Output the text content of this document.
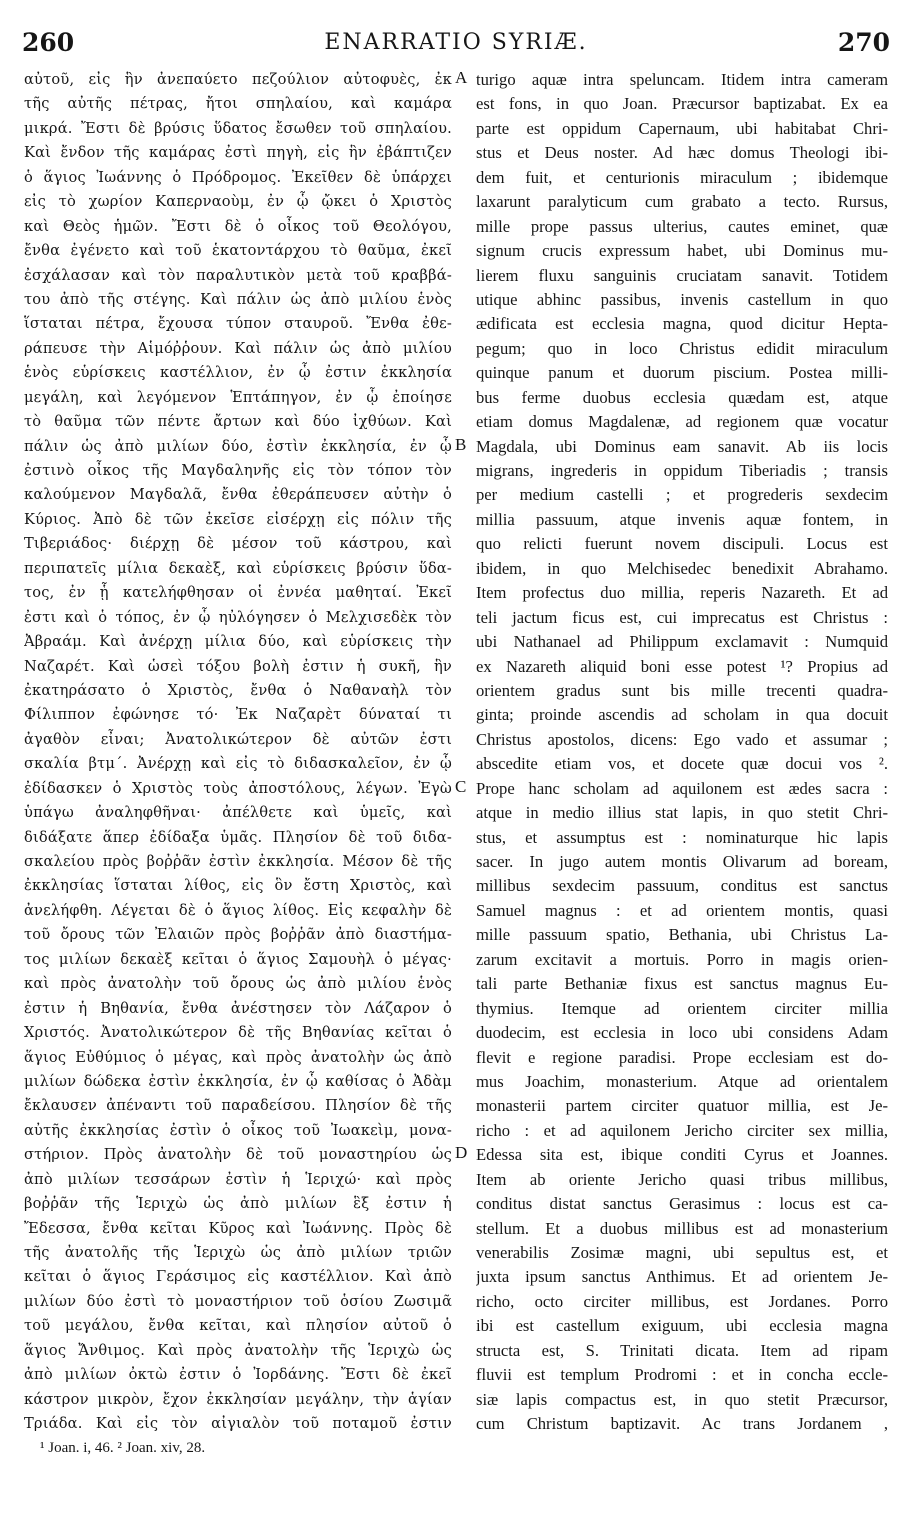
260	ENARRATIO SYRIÆ.	270

αὐτοῦ, εἰς ἣν ἀνεπαύετο πεζούλιον αὐτοφυὲς, ἐκ

τῆς αὐτῆς πέτρας, ἤτοι σπηλαίου, καὶ καμάρα

μικρά. Ἔστι δὲ βρύσις ὕδατος ἔσωθεν τοῦ σπηλαίου.

Καὶ ἔνδον τῆς καμάρας ἐστὶ πηγὴ, εἰς ἣν ἐβάπτιζεν

ὁ ἅγιος Ἰωάννης ὁ Πρόδρομος. Ἐκεῖθεν δὲ ὑπάρχει

εἰς τὸ χωρίον Καπερναοὺμ, ἐν ᾧ ᾤκει ὁ Χριστὸς

καὶ Θεὸς ἡμῶν. Ἔστι δὲ ὁ οἶκος τοῦ Θεολόγου,

ἔνθα ἐγένετο καὶ τοῦ ἑκατοντάρχου τὸ θαῦμα, ἐκεῖ

ἐσχάλασαν καὶ τὸν παραλυτικὸν μετὰ τοῦ κραββά-

του ἀπὸ τῆς στέγης. Καὶ πάλιν ὡς ἀπὸ μιλίου ἑνὸς

ἵσταται πέτρα, ἔχουσα τύπον σταυροῦ. Ἔνθα ἐθε-

ράπευσε τὴν Αἱμόῤῥουν. Καὶ πάλιν ὡς ἀπὸ μιλίου

ἑνὸς εὑρίσκεις καστέλλιον, ἐν ᾧ ἐστιν ἐκκλησία

μεγάλη, καὶ λεγόμενον Ἑπτάπηγον, ἐν ᾧ ἐποίησε

τὸ θαῦμα τῶν πέντε ἄρτων καὶ δύο ἰχθύων. Καὶ

πάλιν ὡς ἀπὸ μιλίων δύο, ἐστὶν ἐκκλησία, ἐν ᾧ

ἐστινὸ οἶκος τῆς Μαγδαληνῆς εἰς τὸν τόπον τὸν

καλούμενον Μαγδαλᾶ, ἔνθα ἐθεράπευσεν αὐτὴν ὁ

Κύριος. Ἀπὸ δὲ τῶν ἐκεῖσε εἰσέρχῃ εἰς πόλιν τῆς

Τιβεριάδος· διέρχῃ δὲ μέσον τοῦ κάστρου, καὶ

περιπατεῖς μίλια δεκαὲξ, καὶ εὑρίσκεις βρύσιν ὕδα-

τος, ἐν ᾗ κατελήφθησαν οἱ ἐννέα μαθηταί. Ἐκεῖ

ἐστι καὶ ὁ τόπος, ἐν ᾧ ηὐλόγησεν ὁ Μελχισεδὲκ τὸν

Ἀβραάμ. Καὶ ἀνέρχῃ μίλια δύο, καὶ εὑρίσκεις τὴν

Ναζαρέτ. Καὶ ὡσεὶ τόξου βολὴ ἐστιν ἡ συκῆ, ἣν

ἐκατηράσατο ὁ Χριστὸς, ἔνθα ὁ Ναθαναὴλ τὸν

Φίλιππον ἐφώνησε τό· Ἐκ Ναζαρὲτ δύναταί τι

ἀγαθὸν εἶναι; Ἀνατολικώτερον δὲ αὐτῶν ἐστι

σκαλία βτμ΄. Ἀνέρχῃ καὶ εἰς τὸ διδασκαλεῖον, ἐν ᾧ

ἐδίδασκεν ὁ Χριστὸς τοὺς ἀποστόλους, λέγων. Ἐγὼ

ὑπάγω ἀναληφθῆναι· ἀπέλθετε καὶ ὑμεῖς, καὶ

διδάξατε ἅπερ ἐδίδαξα ὑμᾶς. Πλησίον δὲ τοῦ διδα-

σκαλείου πρὸς βοῤῥᾶν ἐστὶν ἐκκλησία. Μέσον δὲ τῆς

ἐκκλησίας ἵσταται λίθος, εἰς ὃν ἔστη Χριστὸς, καὶ

ἀνελήφθη. Λέγεται δὲ ὁ ἅγιος λίθος. Εἰς κεφαλὴν δὲ

τοῦ ὄρους τῶν Ἐλαιῶν πρὸς βοῤῥᾶν ἀπὸ διαστήμα-

τος μιλίων δεκαὲξ κεῖται ὁ ἅγιος Σαμουὴλ ὁ μέγας·

καὶ πρὸς ἀνατολὴν τοῦ ὄρους ὡς ἀπὸ μιλίου ἑνὸς

ἐστιν ἡ Βηθανία, ἔνθα ἀνέστησεν τὸν Λάζαρον ὁ

Χριστός. Ἀνατολικώτερον δὲ τῆς Βηθανίας κεῖται ὁ

ἅγιος Εὐθύμιος ὁ μέγας, καὶ πρὸς ἀνατολὴν ὡς ἀπὸ

μιλίων δώδεκα ἐστὶν ἐκκλησία, ἐν ᾧ καθίσας ὁ Ἀδὰμ

ἔκλαυσεν ἀπέναντι τοῦ παραδείσου. Πλησίον δὲ τῆς

αὐτῆς ἐκκλησίας ἐστὶν ὁ οἶκος τοῦ Ἰωακεὶμ, μονα-

στήριον. Πρὸς ἀνατολὴν δὲ τοῦ μοναστηρίου ὡς

ἀπὸ μιλίων τεσσάρων ἐστὶν ἡ Ἱεριχώ· καὶ πρὸς

βοῤῥᾶν τῆς Ἱεριχὼ ὡς ἀπὸ μιλίων ἓξ ἐστιν ἡ

Ἔδεσσα, ἔνθα κεῖται Κῦρος καὶ Ἰωάννης. Πρὸς δὲ

τῆς ἀνατολῆς τῆς Ἱεριχὼ ὡς ἀπὸ μιλίων τριῶν

κεῖται ὁ ἅγιος Γεράσιμος εἰς καστέλλιον. Καὶ ἀπὸ

μιλίων δύο ἐστὶ τὸ μοναστήριον τοῦ ὁσίου Ζωσιμᾶ

τοῦ μεγάλου, ἔνθα κεῖται, καὶ πλησίον αὐτοῦ ὁ

ἅγιος Ἄνθιμος. Καὶ πρὸς ἀνατολὴν τῆς Ἱεριχὼ ὡς

ἀπὸ μιλίων ὀκτὼ ἐστιν ὁ Ἰορδάνης. Ἔστι δὲ ἐκεῖ

κάστρον μικρὸν, ἔχον ἐκκλησίαν μεγάλην, τὴν ἁγίαν

Τριάδα. Καὶ εἰς τὸν αἰγιαλὸν τοῦ ποταμοῦ ἐστιν

A
B
C
D

turigo aquæ intra speluncam. Itidem intra cameram

est fons, in quo Joan. Præcursor baptizabat. Ex ea

parte est oppidum Capernaum, ubi habitabat Chri-

stus et Deus noster. Ad hæc domus Theologi ibi-

dem fuit, et centurionis miraculum ; ibidemque

laxarunt paralyticum cum grabato a tecto. Rursus,

mille prope passus ulterius, cautes eminet, quæ

signum crucis expressum habet, ubi Dominus mu-

lierem fluxu sanguinis cruciatam sanavit. Totidem

utique abhinc passibus, invenis castellum in quo

ædificata est ecclesia magna, quod dicitur Hepta-

pegum; quo in loco Christus edidit miraculum

quinque panum et duorum piscium. Postea milli-

bus ferme duobus ecclesia quædam est, atque

etiam domus Magdalenæ, ad regionem quæ vocatur

Magdala, ubi Dominus eam sanavit. Ab iis locis

migrans, ingrederis in oppidum Tiberiadis ; transis

per medium castelli ; et progrederis sexdecim

millia passuum, atque invenis aquæ fontem, in

quo relicti fuerunt novem discipuli. Locus est

ibidem, in quo Melchisedec benedixit Abrahamo.

Item profectus duo millia, reperis Nazareth. Et ad

teli jactum ficus est, cui imprecatus est Christus :

ubi Nathanael ad Philippum exclamavit : Numquid

ex Nazareth aliquid boni esse potest ¹? Propius ad

orientem gradus sunt bis mille trecenti quadra-

ginta; proinde ascendis ad scholam in qua docuit

Christus apostolos, dicens: Ego vado et assumar ;

abscedite etiam vos, et docete quæ docui vos ².

Prope hanc scholam ad aquilonem est ædes sacra :

atque in medio illius stat lapis, in quo stetit Chri-

stus, et assumptus est : nominaturque hic lapis

sacer. In jugo autem montis Olivarum ad boream,

millibus sexdecim passuum, conditus est sanctus

Samuel magnus : et ad orientem montis, quasi

mille passuum spatio, Bethania, ubi Christus La-

zarum excitavit a mortuis. Porro in magis orien-

tali parte Bethaniæ fixus est sanctus magnus Eu-

thymius. Itemque ad orientem circiter millia

duodecim, est ecclesia in loco ubi considens Adam

flevit e regione paradisi. Prope ecclesiam est do-

mus Joachim, monasterium. Atque ad orientalem

monasterii partem circiter quatuor millia, est Je-

richo : et ad aquilonem Jericho circiter sex millia,

Edessa sita est, ibique conditi Cyrus et Joannes.

Item ab oriente Jericho quasi tribus millibus,

conditus distat sanctus Gerasimus : locus est ca-

stellum. Et a duobus millibus est ad monasterium

venerabilis Zosimæ magni, ubi sepultus est, et

juxta ipsum sanctus Anthimus. Et ad orientem Je-

richo, octo circiter millibus, est Jordanes. Porro

ibi est castellum exiguum, ubi ecclesia magna

structa est, S. Trinitati dicata. Item ad ripam

fluvii est templum Prodromi : et in concha eccle-

siæ lapis compactus est, in quo stetit Præcursor,

cum Christum baptizavit. Ac trans Jordanem ,

¹ Joan. i, 46. ² Joan. xiv, 28.
